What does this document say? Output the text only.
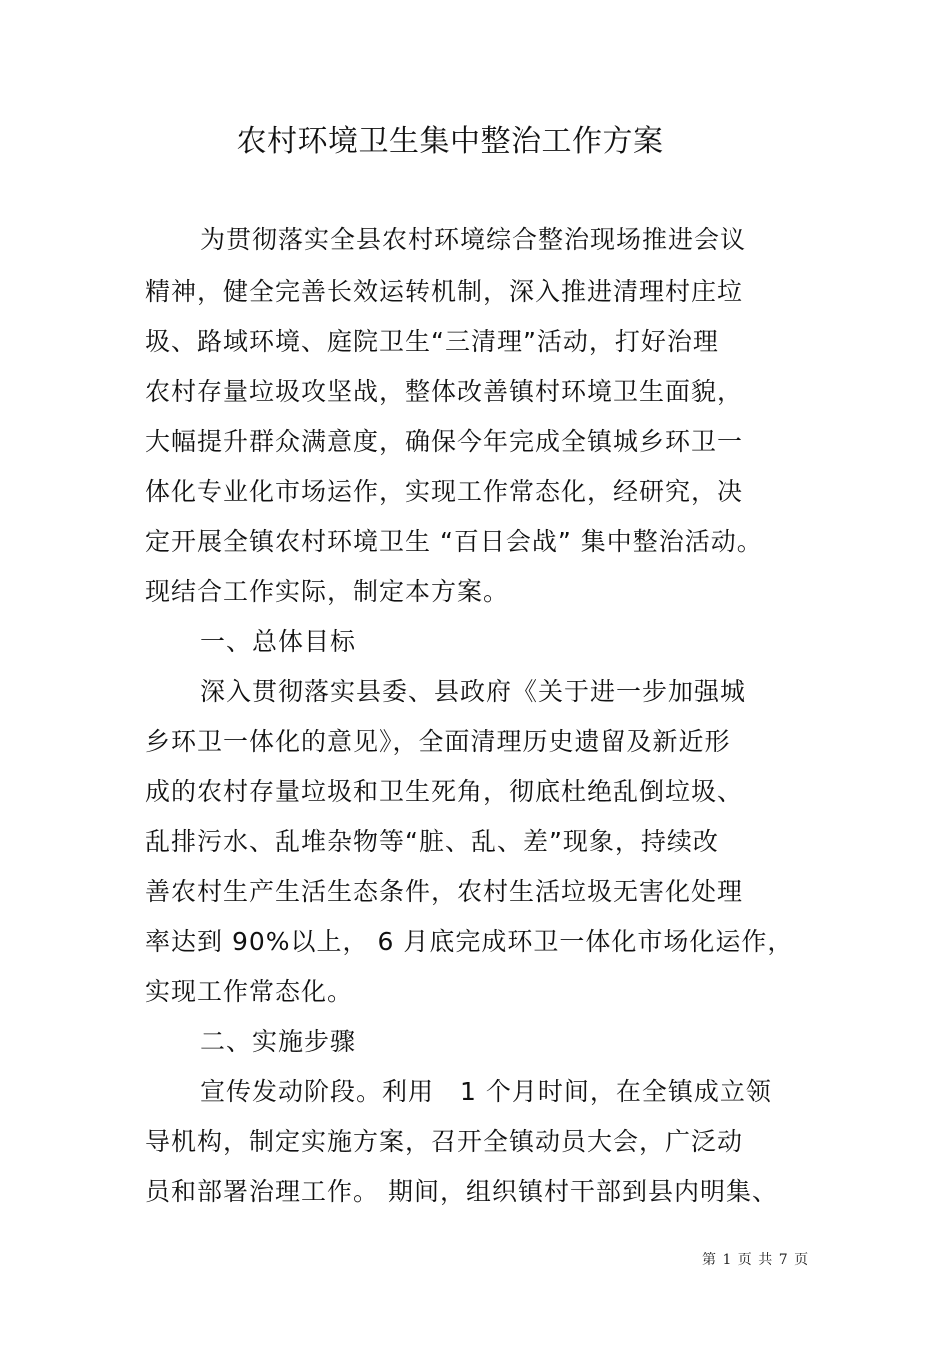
农村环境卫生集中整治工作方案
为贯彻落实全县农村环境综合整治现场推进会议
精神，健全完善长效运转机制，深入推进清理村庄垃
圾、路域环境、庭院卫生“三清理”活动，打好治理
农村存量垃圾攻坚战，整体改善镇村环境卫生面貌，
大幅提升群众满意度，确保今年完成全镇城乡环卫一
体化专业化市场运作，实现工作常态化，经研究，决
定开展全镇农村环境卫生 “百日会战” 集中整治活动。
现结合工作实际，制定本方案。
一、总体目标
深入贯彻落实县委、县政府《关于进一步加强城
乡环卫一体化的意见》，全面清理历史遗留及新近形
成的农村存量垃圾和卫生死角，彻底杜绝乱倒垃圾、
乱排污水、乱堆杂物等“脏、乱、差”现象，持续改
善农村生产生活生态条件，农村生活垃圾无害化处理
率达到 90%以上， 6 月底完成环卫一体化市场化运作，
实现工作常态化。
二、实施步骤
宣传发动阶段。利用　1 个月时间，在全镇成立领
导机构，制定实施方案，召开全镇动员大会，广泛动
员和部署治理工作。 期间，组织镇村干部到县内明集、
第 1 页 共 7 页
